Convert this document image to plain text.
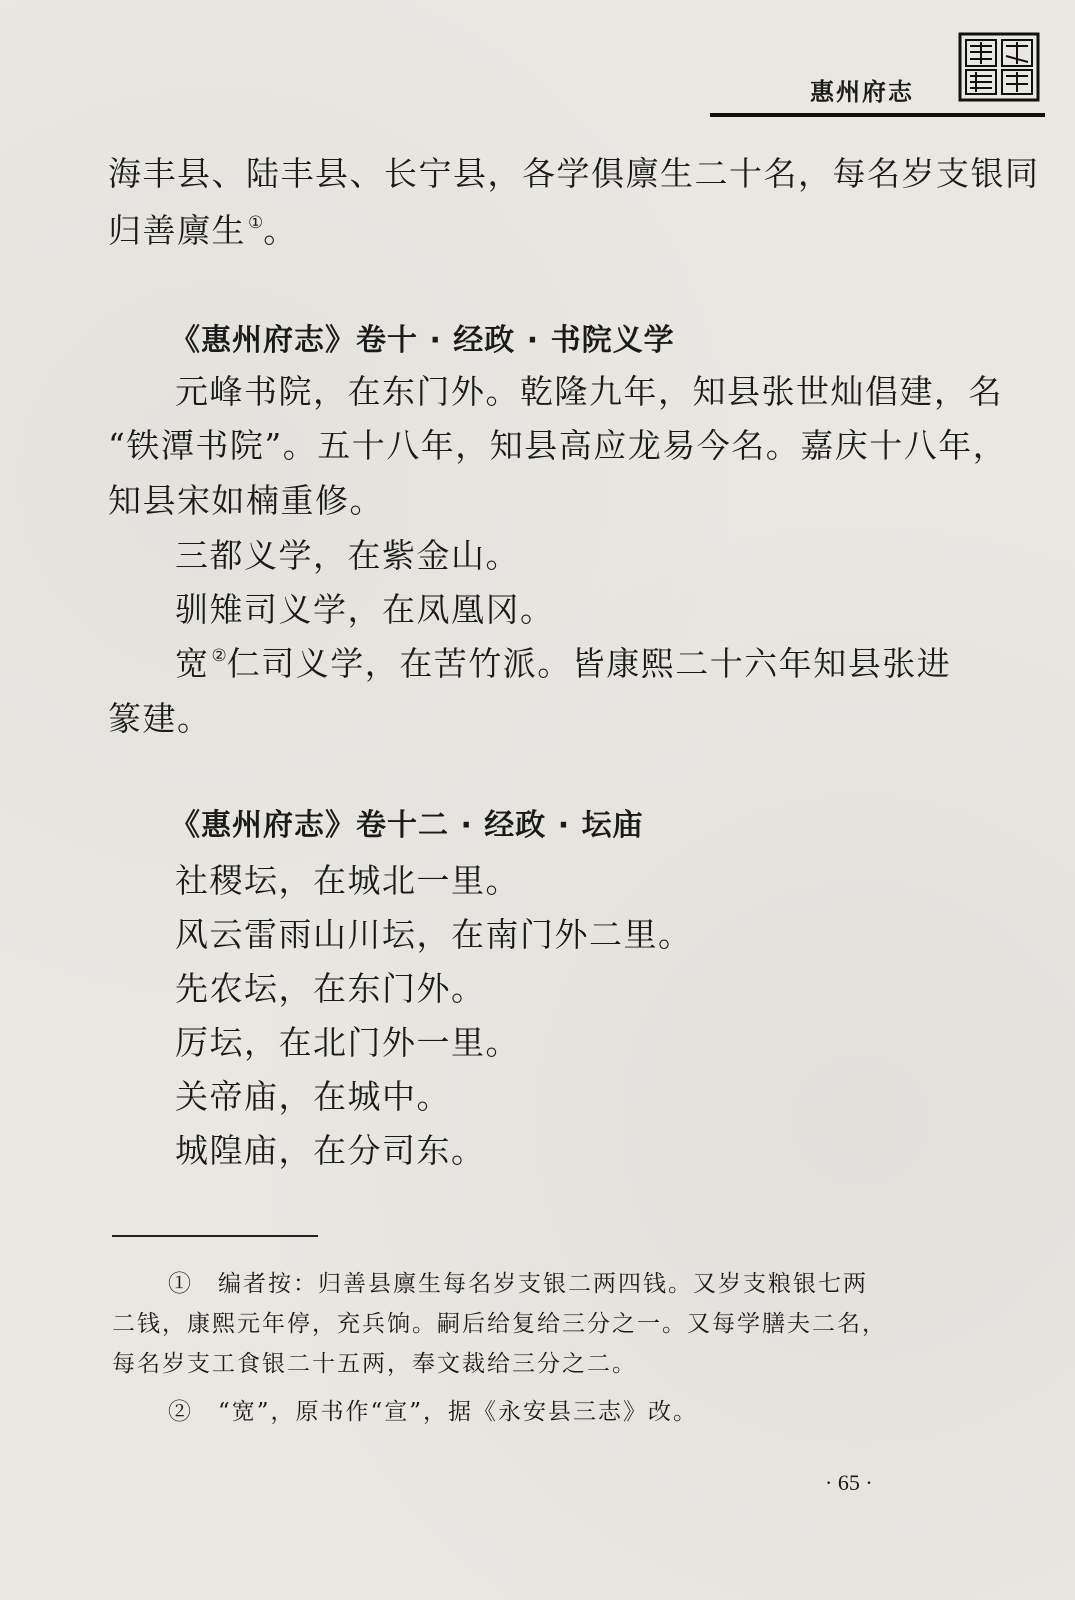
惠州府志
海丰县、陆丰县、长宁县，各学俱廪生二十名，每名岁支银同
归善廪生 ①。
《惠州府志》卷十 · 经政 · 书院义学
元峰书院，在东门外。乾隆九年，知县张世灿倡建，名
“铁潭书院”。五十八年，知县高应龙易今名。嘉庆十八年，
知县宋如楠重修。
三都义学，在紫金山。
驯雉司义学，在凤凰冈。
宽 ②仁司义学，在苦竹派。皆康熙二十六年知县张进
篆建。
《惠州府志》卷十二 · 经政 · 坛庙
社稷坛，在城北一里。
风云雷雨山川坛，在南门外二里。
先农坛，在东门外。
厉坛，在北门外一里。
关帝庙，在城中。
城隍庙，在分司东。
①　编者按：归善县廪生每名岁支银二两四钱。又岁支粮银七两
二钱，康熙元年停，充兵饷。嗣后给复给三分之一。又每学膳夫二名，
每名岁支工食银二十五两，奉文裁给三分之二。
②　“宽”，原书作“宣”，据《永安县三志》改。
· 65 ·
